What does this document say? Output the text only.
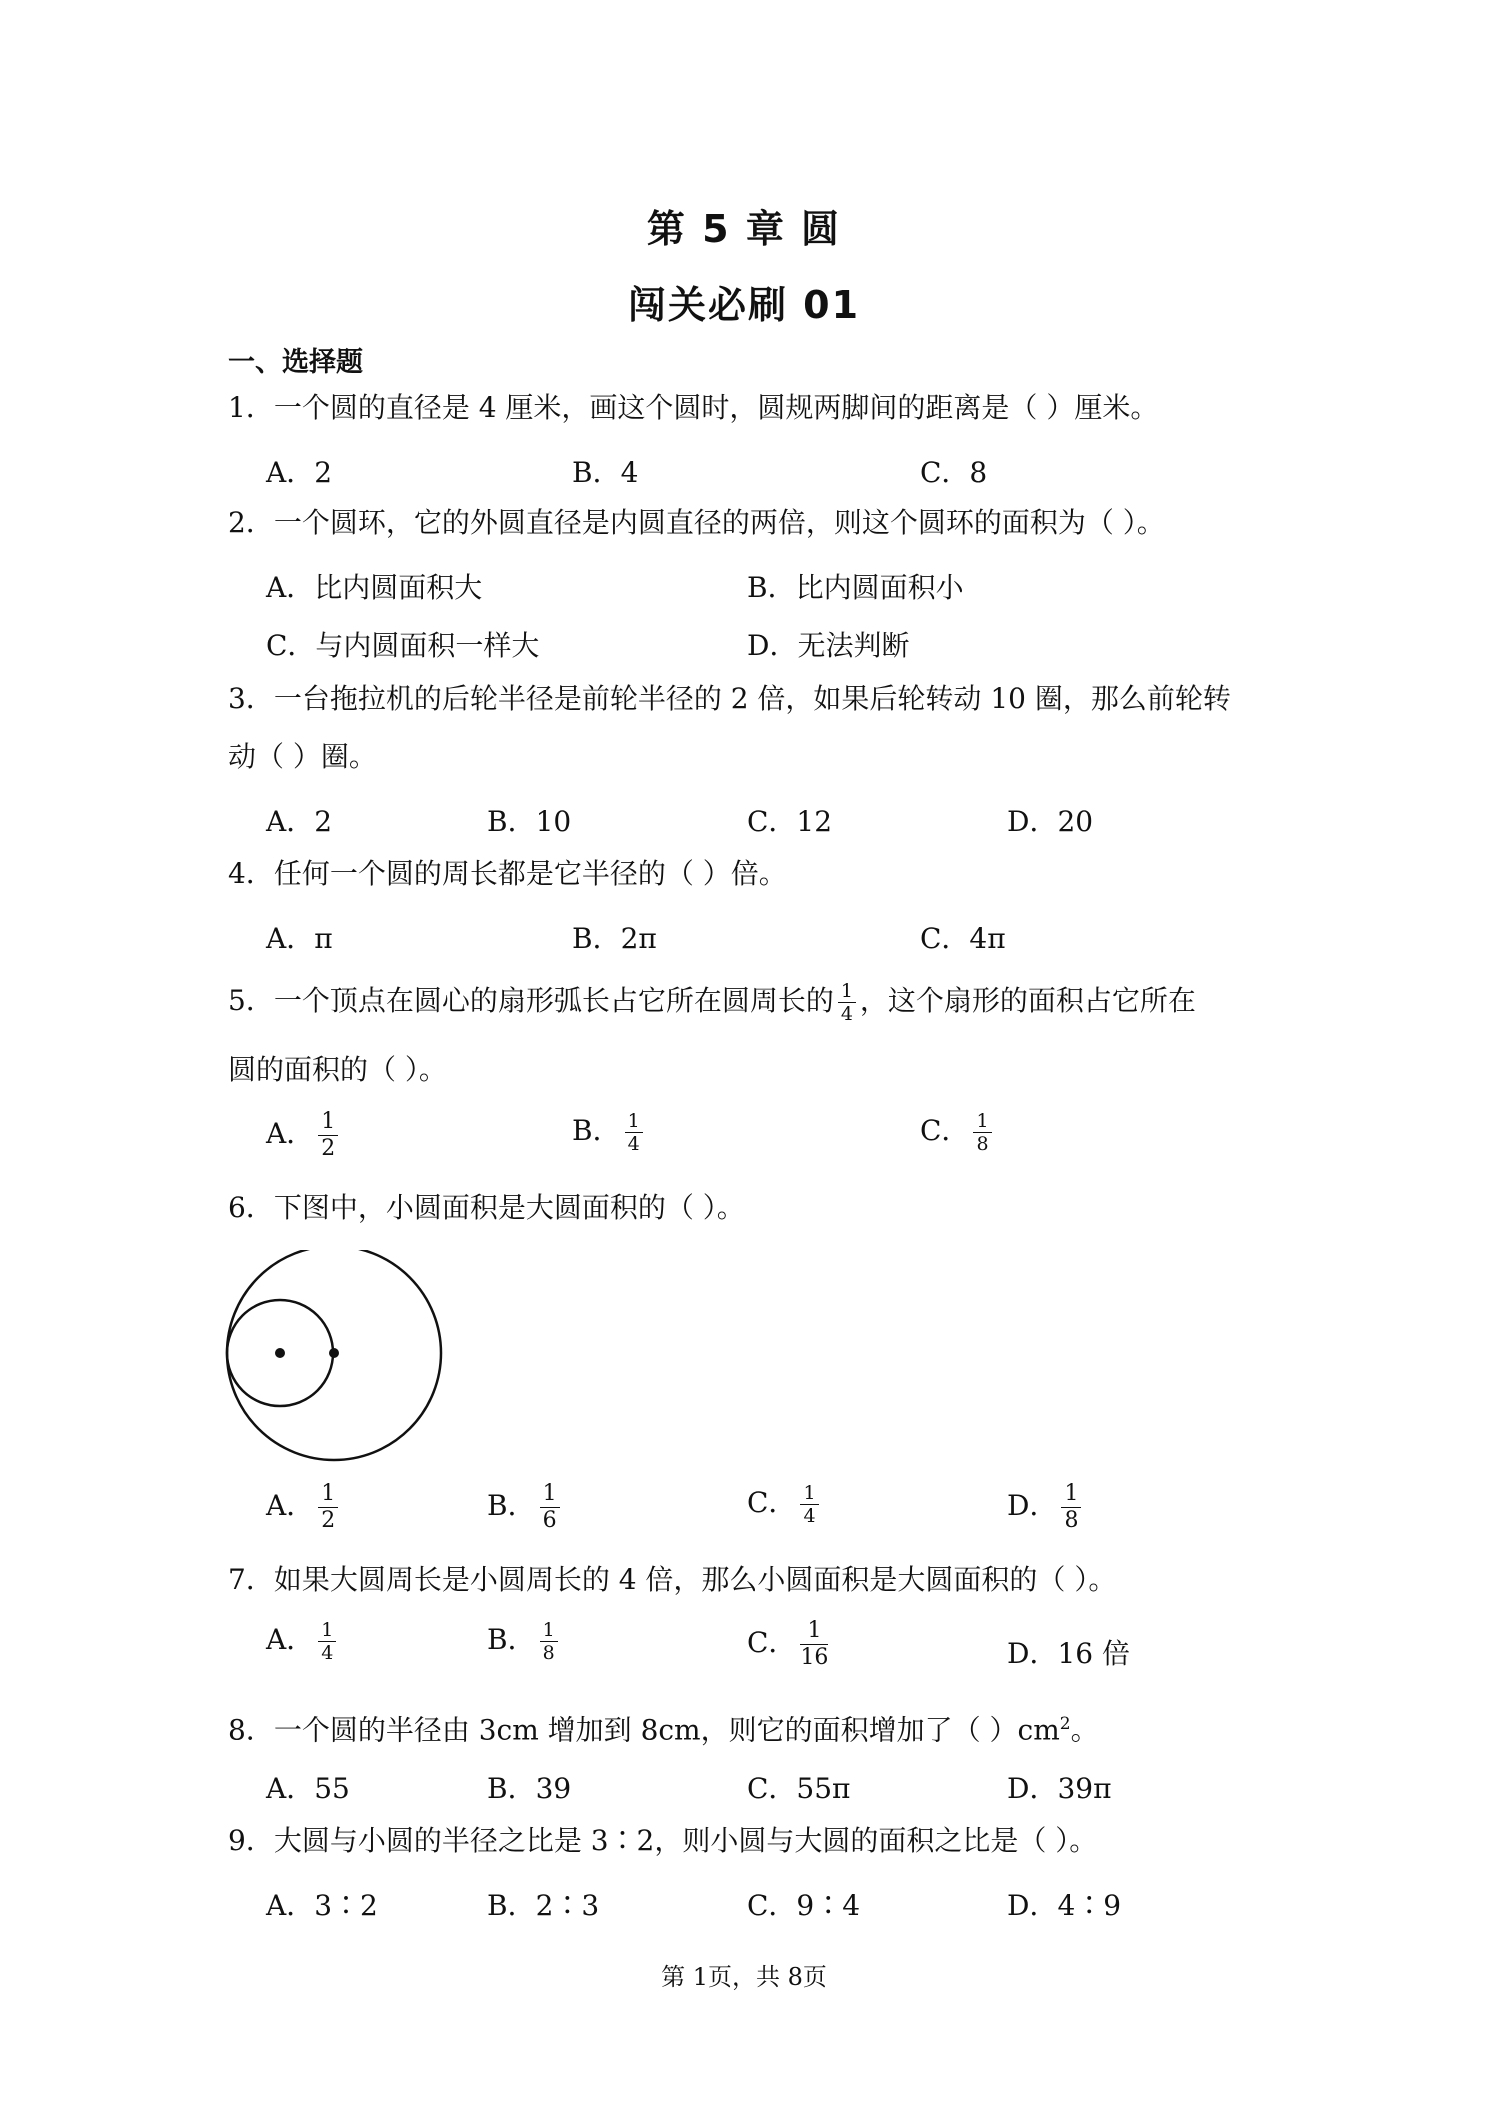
第 5 章 圆
闯关必刷 01
一、选择题
1．一个圆的直径是 4 厘米，画这个圆时，圆规两脚间的距离是（ ）厘米。
A．2	B．4	C．8
2．一个圆环，它的外圆直径是内圆直径的两倍，则这个圆环的面积为（ ）。
A．比内圆面积大	B．比内圆面积小
C．与内圆面积一样大	D．无法判断
3．一台拖拉机的后轮半径是前轮半径的 2 倍，如果后轮转动 10 圈，那么前轮转
动（ ）圈。
A．2	B．10	C．12	D．20
4．任何一个圆的周长都是它半径的（ ）倍。
A．π	B．2π	C．4π
5．一个顶点在圆心的扇形弧长占它所在圆周长的 $\frac{1}{4}$ ，这个扇形的面积占它所在
圆的面积的（ ）。
A． $\frac{1}{2}$	B． $\frac{1}{4}$	C． $\frac{1}{8}$
6．下图中，小圆面积是大圆面积的（ ）。
A． $\frac{1}{2}$	B． $\frac{1}{6}$	C． $\frac{1}{4}$	D． $\frac{1}{8}$
7．如果大圆周长是小圆周长的 4 倍，那么小圆面积是大圆面积的（ ）。
A． $\frac{1}{4}$	B． $\frac{1}{8}$	C． $\frac{1}{16}$	D．16 倍
8．一个圆的半径由 3cm 增加到 8cm，则它的面积增加了（ ）$cm^2$。
A．55	B．39	C．55π	D．39π
9．大圆与小圆的半径之比是 3∶2，则小圆与大圆的面积之比是（ ）。
A．3∶2	B．2∶3	C．9∶4	D．4∶9
第 1页，共 8页
